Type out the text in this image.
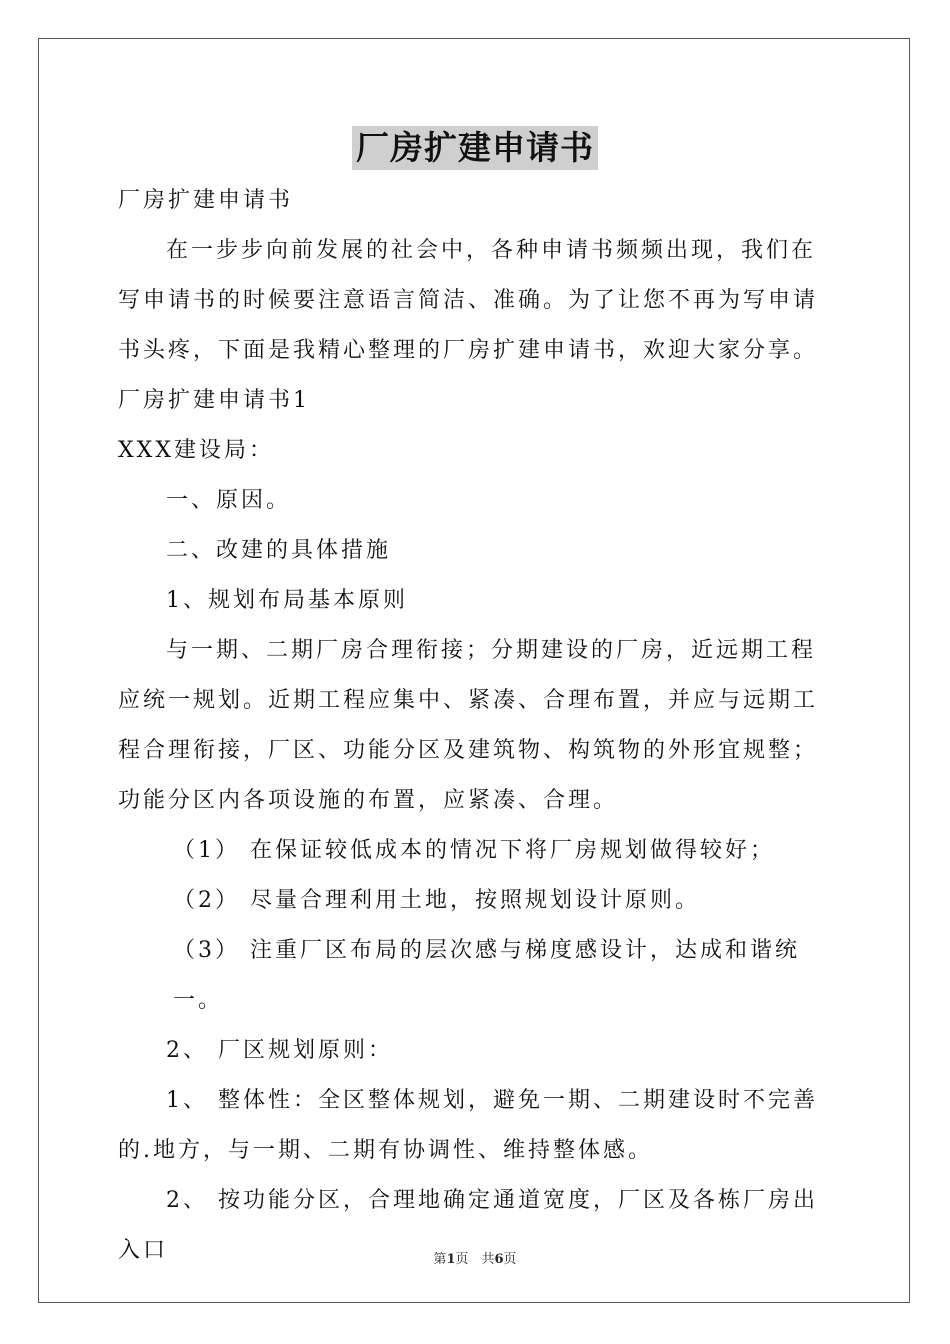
厂房扩建申请书

厂房扩建申请书

在一步步向前发展的社会中，各种申请书频频出现，我们在写申请书的时候要注意语言简洁、准确。为了让您不再为写申请书头疼，下面是我精心整理的厂房扩建申请书，欢迎大家分享。

厂房扩建申请书1

XXX建设局：

一、原因。

二、改建的具体措施

1、规划布局基本原则

与一期、二期厂房合理衔接；分期建设的厂房，近远期工程应统一规划。近期工程应集中、紧凑、合理布置，并应与远期工程合理衔接，厂区、功能分区及建筑物、构筑物的外形宜规整；功能分区内各项设施的布置，应紧凑、合理。

（1） 在保证较低成本的情况下将厂房规划做得较好；

（2） 尽量合理利用土地，按照规划设计原则。

（3） 注重厂区布局的层次感与梯度感设计，达成和谐统一。

2、 厂区规划原则：

1、 整体性：全区整体规划，避免一期、二期建设时不完善的.地方，与一期、二期有协调性、维持整体感。

2、 按功能分区，合理地确定通道宽度，厂区及各栋厂房出入口	第1页　共6页
